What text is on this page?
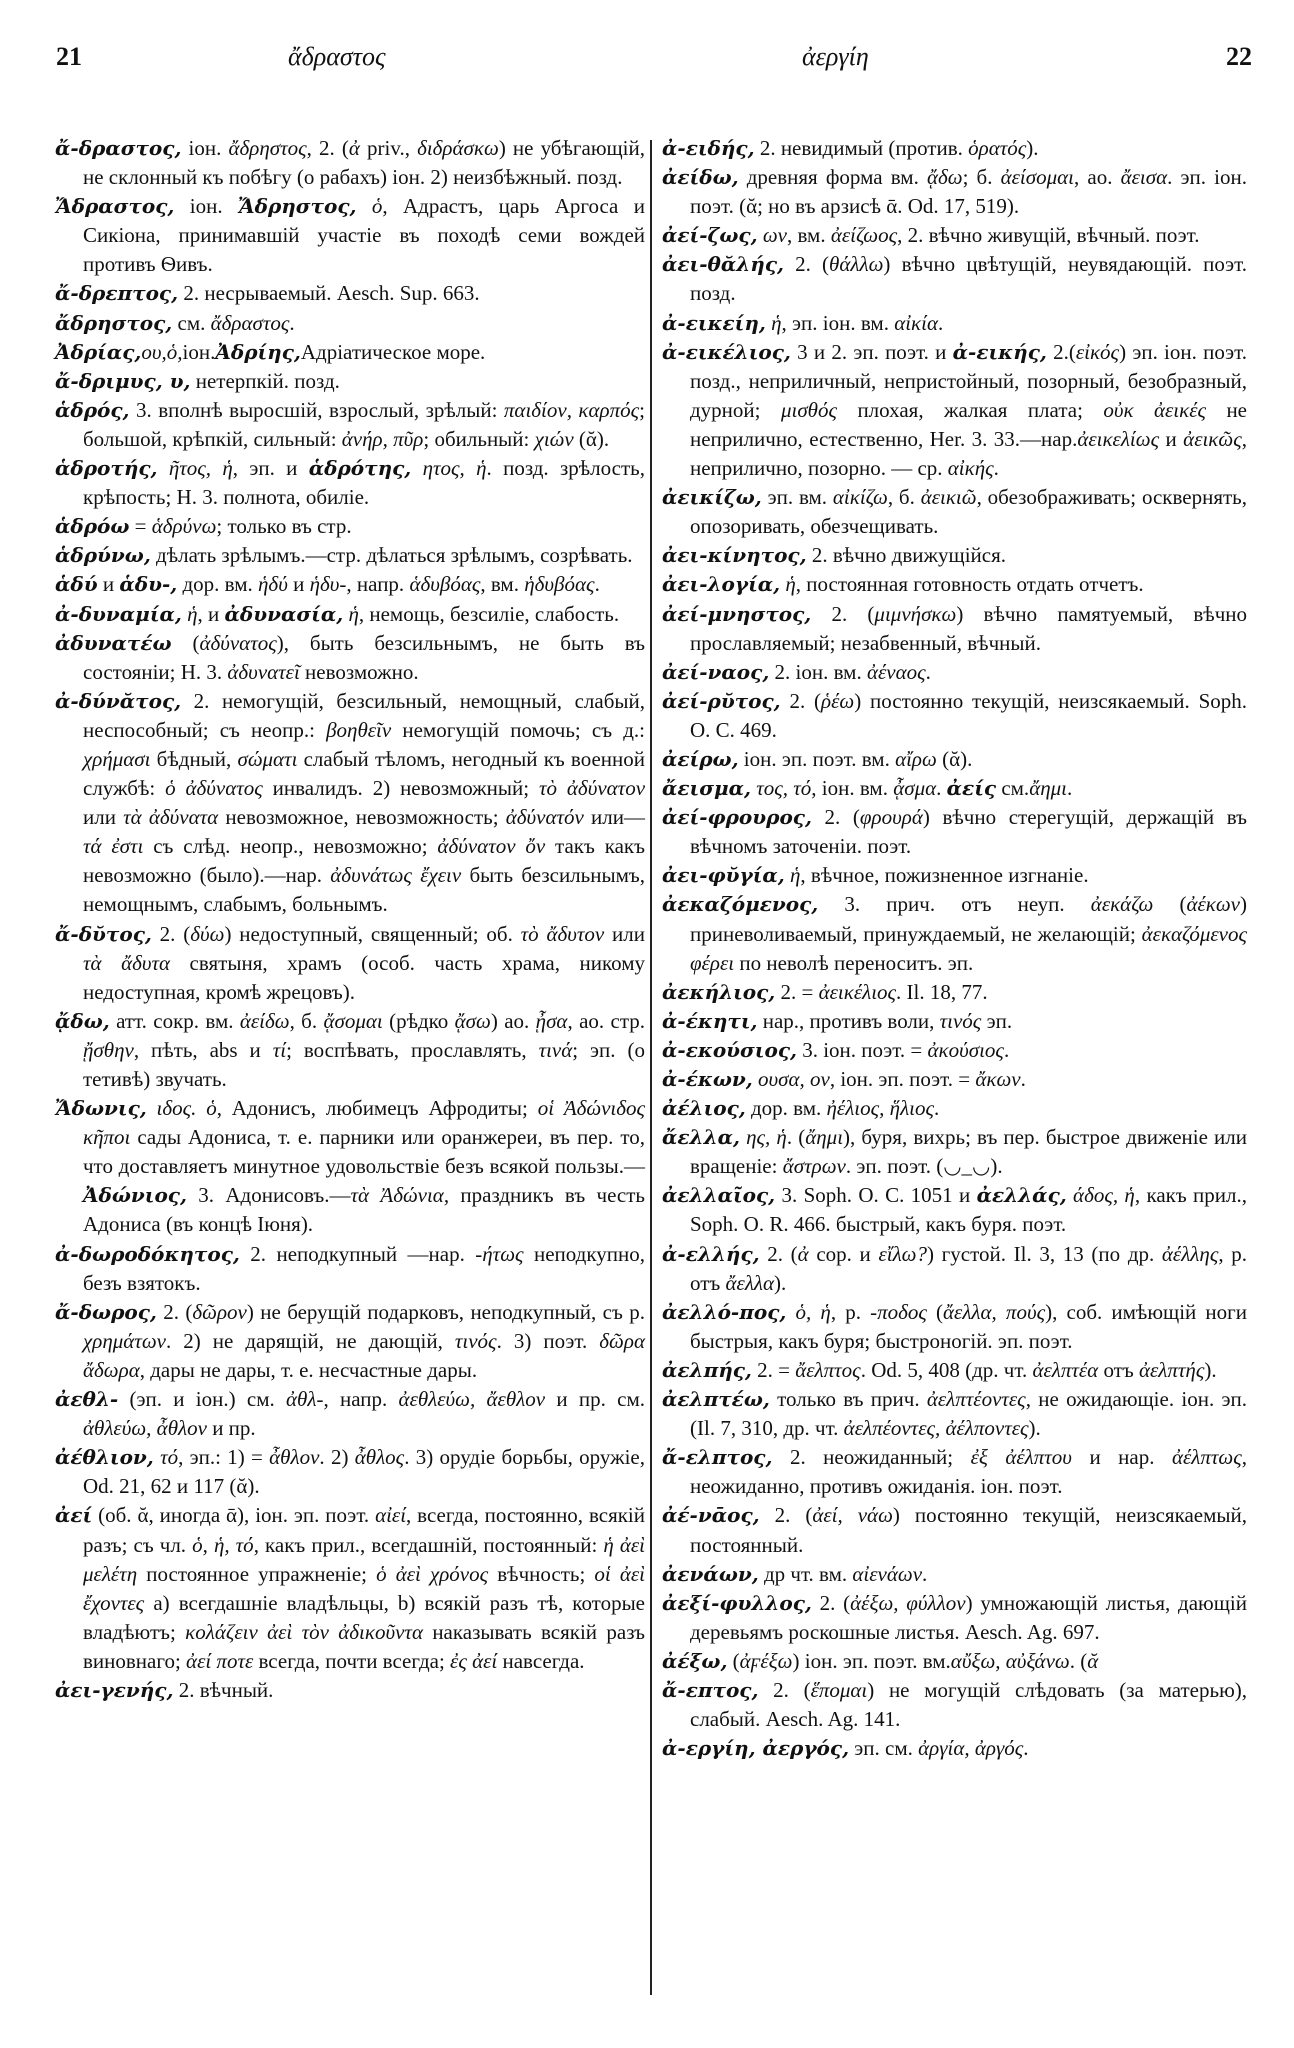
21	ἄδραστος	ἀεργίη	22

ἄ-δραστος, іон. ἄδρηστος, 2. (ἀ priv., διδράσκω) не убѣгающій, не склонный къ побѣгу (о рабахъ) іон. 2) неизбѣжный. позд.

Ἄδραστος, іон. Ἄδρηστος, ὁ, Адрастъ, царь Аргоса и Сикіона, принимавшій участіе въ походѣ семи вождей противъ Ѳивъ.

ἄ-δρεπτος, 2. несрываемый. Aesch. Sup. 663.

ἄδρηστος, см. ἄδραστος.

Ἀδρίας,ου,ὁ,іон.Ἀδρίης,Адріатическое море.

ἄ-δριμυς, υ, нетерпкій. позд.

ἁδρός, 3. вполнѣ выросшій, взрослый, зрѣлый: παιδίον, καρπός; большой, крѣпкій, сильный: ἀνήρ, πῦρ; обильный: χιών (ᾰ).

ἁδροτής, ῆτος, ἡ, эп. и ἁδρότης, ητος, ἡ. позд. зрѣлость, крѣпость; Н. 3. полнота, обиліе.

ἁδρόω = ἁδρύνω; только въ стр.

ἁδρύνω, дѣлать зрѣлымъ.—стр. дѣлаться зрѣлымъ, созрѣвать.

ἁδύ и ἁδυ-, дор. вм. ἡδύ и ἡδυ-, напр. ἁδυβόας, вм. ἡδυβόας.

ἀ-δυναμία, ἡ, и ἀδυνασία, ἡ, немощь, безсиліе, слабость.

ἀδυνατέω (ἀδύνατος), быть безсильнымъ, не быть въ состояніи; Н. 3. ἀδυνατεῖ невозможно.

ἀ-δύνᾰτος, 2. немогущій, безсильный, немощный, слабый, неспособный; съ неопр.: βοηθεῖν немогущій помочь; съ д.: χρήμασι бѣдный, σώματι слабый тѣломъ, негодный къ военной службѣ: ὁ ἀδύνατος инвалидъ. 2) невозможный; τὸ ἀδύνατον или τὰ ἀδύνατα невозможное, невозможность; ἀδύνατόν или—τά ἐστι съ слѣд. неопр., невозможно; ἀδύνατον ὄν такъ какъ невозможно (было).—нар. ἀδυνάτως ἔχειν быть безсильнымъ, немощнымъ, слабымъ, больнымъ.

ἄ-δῠτος, 2. (δύω) недоступный, священный; об. τὸ ἄδυτον или τὰ ἄδυτα святыня, храмъ (особ. часть храма, никому недоступная, кромѣ жрецовъ).

ᾄδω, атт. сокр. вм. ἀείδω, б. ᾄσομαι (рѣдко ᾄσω) ао. ᾖσα, ао. стр. ᾔσθην, пѣть, abs и τί; воспѣвать, прославлять, τινά; эп. (о тетивѣ) звучать.

Ἄδωνις, ιδος. ὁ, Адонисъ, любимецъ Афродиты; οἱ Ἀδώνιδος κῆποι сады Адониса, т. е. парники или оранжереи, въ пер. то, что доставляетъ минутное удовольствіе безъ всякой пользы.—Ἀδώνιος, 3. Адонисовъ.—τὰ Ἀδώνια, праздникъ въ честь Адониса (въ концѣ Іюня).

ἀ-δωροδόκητος, 2. неподкупный —нар. -ήτως неподкупно, безъ взятокъ.

ἄ-δωρος, 2. (δῶρον) не берущій подарковъ, неподкупный, съ р. χρημάτων. 2) не дарящій, не дающій, τινός. 3) поэт. δῶρα ἄδωρα, дары не дары, т. е. несчастные дары.

ἀεθλ- (эп. и іон.) см. ἀθλ-, напр. ἀεθλεύω, ἄεθλον и пр. см. ἀθλεύω, ἆθλον и пр.

ἀέθλιον, τό, эп.: 1) = ἆθλον. 2) ἆθλος. 3) орудіе борьбы, оружіе, Od. 21, 62 и 117 (ᾰ).

ἀεί (об. ᾰ, иногда ᾱ), іон. эп. поэт. αἰεί, всегда, постоянно, всякій разъ; съ чл. ὁ, ἡ, τό, какъ прил., всегдашній, постоянный: ἡ ἀεὶ μελέτη постоянное упражненіе; ὁ ἀεὶ χρόνος вѣчность; οἱ ἀεὶ ἔχοντες а) всегдашніе владѣльцы, b) всякій разъ тѣ, которые владѣютъ; κολάζειν ἀεὶ τὸν ἀδικοῦντα наказывать всякій разъ виновнаго; ἀεί ποτε всегда, почти всегда; ἐς ἀεί навсегда.

ἀει-γενής, 2. вѣчный.

ἀ-ειδής, 2. невидимый (против. ὁρατός).

ἀείδω, древняя форма вм. ᾄδω; б. ἀείσομαι, ао. ἄεισα. эп. іон. поэт. (ᾰ; но въ арзисѣ ᾱ. Od. 17, 519).

ἀεί-ζως, ων, вм. ἀείζωος, 2. вѣчно живущій, вѣчный. поэт.

ἀει-θᾰλής, 2. (θάλλω) вѣчно цвѣтущій, неувядающій. поэт. позд.

ἀ-εικείη, ἡ, эп. іон. вм. αἰκία.

ἀ-εικέλιος, 3 и 2. эп. поэт. и ἀ-εικής, 2.(εἰκός) эп. іон. поэт. позд., неприличный, непристойный, позорный, безобразный, дурной; μισθός плохая, жалкая плата; οὐκ ἀεικές не неприлично, естественно, Her. 3. 33.—нар.ἀεικελίως и ἀεικῶς, неприлично, позорно. — ср. αἰκής.

ἀεικίζω, эп. вм. αἰκίζω, б. ἀεικιῶ, обезображивать; осквернять, опозоривать, обезчещивать.

ἀει-κίνητος, 2. вѣчно движущійся.

ἀει-λογία, ἡ, постоянная готовность отдать отчетъ.

ἀεί-μνηστος, 2. (μιμνήσκω) вѣчно памятуемый, вѣчно прославляемый; незабвенный, вѣчный.

ἀεί-ναος, 2. іон. вм. ἀέναος.

ἀεί-ρῠτος, 2. (ῥέω) постоянно текущій, неизсякаемый. Soph. O. C. 469.

ἀείρω, іон. эп. поэт. вм. αἴρω (ᾰ).

ἄεισμα, τος, τό, іон. вм. ᾆσμα. ἀείς см.ἄημι.

ἀεί-φρουρος, 2. (φρουρά) вѣчно стерегущій, держащій въ вѣчномъ заточеніи. поэт.

ἀει-φῠγία, ἡ, вѣчное, пожизненное изгнаніе.

ἀεκαζόμενος, 3. прич. отъ неуп. ἀεκάζω (ἀέκων) приневоливаемый, принуждаемый, не желающій; ἀεκαζόμενος φέρει по неволѣ переноситъ. эп.

ἀεκήλιος, 2. = ἀεικέλιος. Il. 18, 77.

ἀ-έκητι, нар., противъ воли, τινός эп.

ἀ-εκούσιος, 3. іон. поэт. = ἀκούσιος.

ἀ-έκων, ουσα, ον, іон. эп. поэт. = ἄκων.

ἀέλιος, дор. вм. ἠέλιος, ἥλιος.

ἄελλα, ης, ἡ. (ἄημι), буря, вихрь; въ пер. быстрое движеніе или вращеніе: ἄστρων. эп. поэт. (◡_◡).

ἀελλαῖος, 3. Soph. O. C. 1051 и ἀελλάς, άδος, ἡ, какъ прил., Soph. O. R. 466. быстрый, какъ буря. поэт.

ἀ-ελλής, 2. (ἀ сор. и εἴλω?) густой. Il. 3, 13 (по др. ἀέλλης, р. отъ ἄελλα).

ἀελλό-πος, ὁ, ἡ, р. -ποδος (ἄελλα, πούς), соб. имѣющій ноги быстрыя, какъ буря; быстроногій. эп. поэт.

ἀελπής, 2. = ἄελπτος. Od. 5, 408 (др. чт. ἀελπτέα отъ ἀελπτής).

ἀελπτέω, только въ прич. ἀελπτέοντες, не ожидающіе. іон. эп. (Il. 7, 310, др. чт. ἀελπέοντες, ἀέλποντες).

ἄ-ελπτος, 2. неожиданный; ἐξ ἀέλπτου и нар. ἀέλπτως, неожиданно, противъ ожиданія. іон. поэт.

ἀέ-νᾱος, 2. (ἀεί, νάω) постоянно текущій, неизсякаемый, постоянный.

ἀενάων, др чт. вм. αἰενάων.

ἀεξί-φυλλος, 2. (ἀέξω, φύλλον) умножающій листья, дающій деревьямъ роскошные листья. Aesch. Ag. 697.

ἀέξω, (ἀϝέξω) іон. эп. поэт. вм.αὔξω, αὐξάνω. (ᾰ

ἄ-επτος, 2. (ἕπομαι) не могущій слѣдовать (за матерью), слабый. Aesch. Ag. 141.

ἀ-εργίη, ἀεργός, эп. см. ἀργία, ἀργός.
